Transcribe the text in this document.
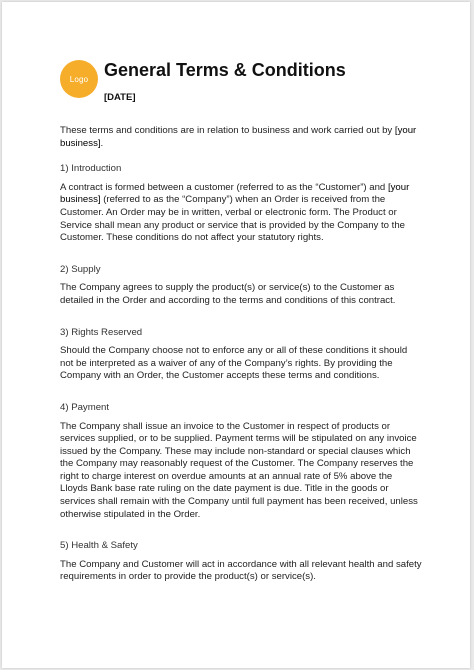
Logo General Terms & Conditions
[DATE]

These terms and conditions are in relation to business and work carried out by [your business].

1) Introduction

A contract is formed between a customer (referred to as the “Customer”) and [your business] (referred to as the “Company”) when an Order is received from the Customer. An Order may be in written, verbal or electronic form. The Product or Service shall mean any product or service that is provided by the Company to the Customer. These conditions do not affect your statutory rights.

2) Supply

The Company agrees to supply the product(s) or service(s) to the Customer as detailed in the Order and according to the terms and conditions of this contract.

3) Rights Reserved

Should the Company choose not to enforce any or all of these conditions it should not be interpreted as a waiver of any of the Company’s rights. By providing the Company with an Order, the Customer accepts these terms and conditions.

4) Payment

The Company shall issue an invoice to the Customer in respect of products or services supplied, or to be supplied. Payment terms will be stipulated on any invoice issued by the Company. These may include non-standard or special clauses which the Company may reasonably request of the Customer. The Company reserves the right to charge interest on overdue amounts at an annual rate of 5% above the Lloyds Bank base rate ruling on the date payment is due. Title in the goods or services shall remain with the Company until full payment has been received, unless otherwise stipulated in the Order.

5) Health & Safety

The Company and Customer will act in accordance with all relevant health and safety requirements in order to provide the product(s) or service(s).
